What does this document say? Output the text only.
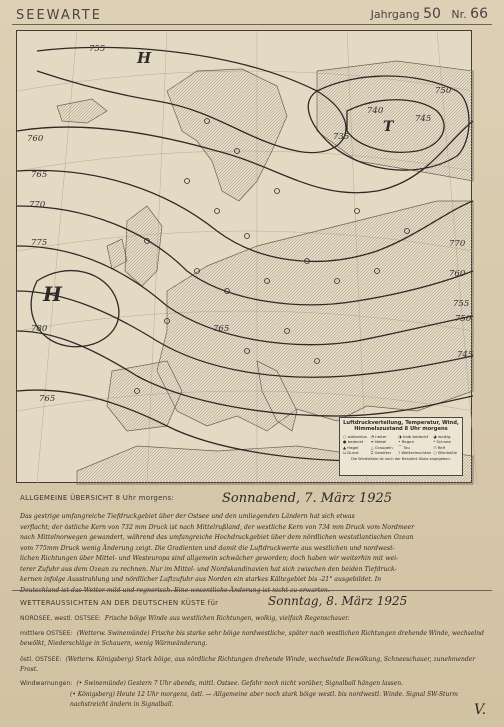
SEEWARTE	Jahrgang 50 Nr. 66
755
750
745
740
735
760
765
770
775
780
765
770
760
755
750
745
765
H
H
T
Luftdruckverteilung, Temperatur, Wind, Himmelszustand 8 Uhr morgens
○ wolkenlos ◔ heiter	◑ halb bedeckt	◕ wolkig
● bedeckt	≡ Nebel	• Regen	* Schnee
▲ Hagel	△ Graupeln	⌒ Tau	⊓ Reif
⊔ Dunst	ℶ Gewitter	⌇ Wetterleuchten ○ Windstille
Die Windstärke ist nach der Beaufort-Skala angegeben.
ALLGEMEINE ÜBERSICHT 8 Uhr morgens:	Sonnabend, 7. März 1925
Das gestrige umfangreiche Tiefdruckgebiet über der Ostsee und den umliegenden Ländern hat sich etwas
verflacht; der östliche Kern von 732 mm Druck ist nach Mittelrußland, der westliche Kern von 734 mm Druck vom Nordmeer
nach Mittelnorwegen gewandert, während das umfangreiche Hochdruckgebiet über dem nördlichen westatlantischen Ozean
vom 775mm Druck wenig Änderung zeigt. Die Gradienten und damit die Luftdruckwerte aus westlichen und nordwest-
lichen Richtungen über Mittel- und Westeuropa sind allgemein schwächer geworden; doch haben wir weiterhin mit wei-
terer Zufuhr aus dem Ozean zu rechnen. Nur im Mittel- und Nordskandinavien hat sich zwischen den beiden Tiefdruck-
kernen infolge Ausstrahlung und nördlicher Luftzufuhr aus Norden ein starkes Kältegebiet bis -21° ausgebildet. In
WETTERAUSSICHTEN AN DER DEUTSCHEN KÜSTE für	Sonntag, 8. März 1925
NORDSEE, westl. OSTSEE: Frische böige Winde aus westlichen Richtungen, wolkig, vielfach Regenschauer.
mittlere OSTSEE: (Wetterw. Swinemünde) Frische bis starke sehr böige nordwestliche, später nach westlichen Richtungen drehende Winde, wechselnd bewölkt, Niederschläge in Schauern, wenig Wärmeänderung.
östl. OSTSEE: (Wetterw. Königsberg) Stark böige, aus nördliche Richtungen drehende Winde, wechselnde Bewölkung, Schneeschauer, zunehmender Frost.
Windwarnungen: (• Swinemünde) Gestern 7 Uhr abends, mittl. Ostsee. Gefahr noch nicht vorüber, Signalball hängen lassen.
(• Königsberg) Heute 12 Uhr morgens, östl. — Allgemeine aber noch stark böige westl. bis nordwestl. Winde. Signal SW-Sturm nachstreicht ändern in Signalball.	V.
